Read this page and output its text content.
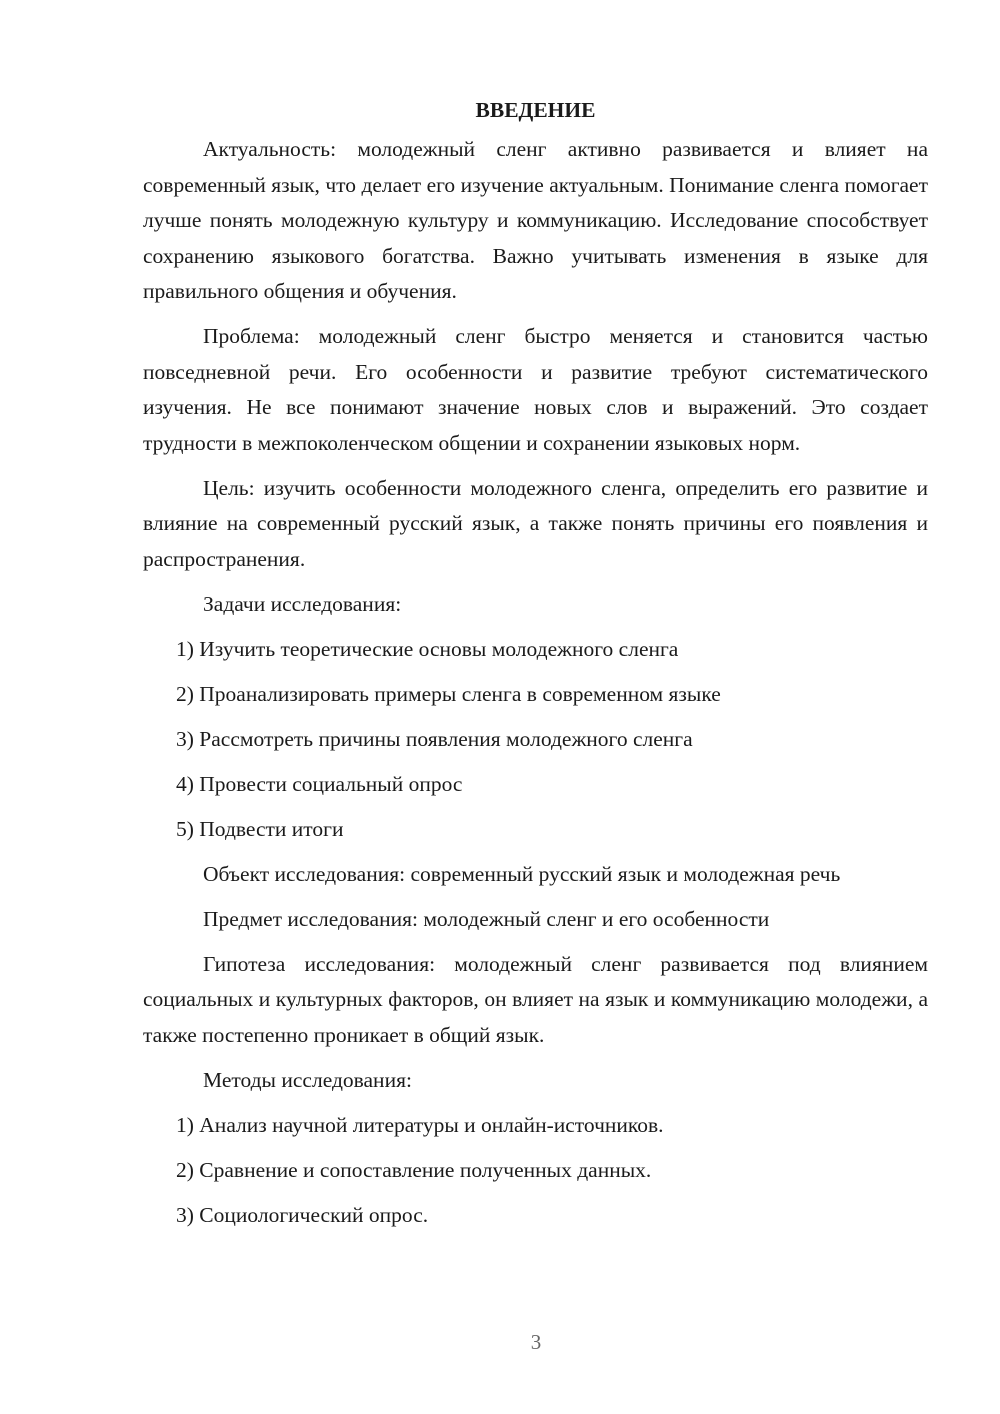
ВВЕДЕНИЕ
Актуальность: молодежный сленг активно развивается и влияет на современный язык, что делает его изучение актуальным. Понимание сленга помогает лучше понять молодежную культуру и коммуникацию. Исследование способствует сохранению языкового богатства. Важно учитывать изменения в языке для правильного общения и обучения.
Проблема: молодежный сленг быстро меняется и становится частью повседневной речи. Его особенности и развитие требуют систематического изучения. Не все понимают значение новых слов и выражений. Это создает трудности в межпоколенческом общении и сохранении языковых норм.
Цель: изучить особенности молодежного сленга, определить его развитие и влияние на современный русский язык, а также понять причины его появления и распространения.
Задачи исследования:
1) Изучить теоретические основы молодежного сленга
2) Проанализировать примеры сленга в современном языке
3) Рассмотреть причины появления молодежного сленга
4) Провести социальный опрос
5) Подвести итоги
Объект исследования: современный русский язык и молодежная речь
Предмет исследования: молодежный сленг и его особенности
Гипотеза исследования: молодежный сленг развивается под влиянием социальных и культурных факторов, он влияет на язык и коммуникацию молодежи, а также постепенно проникает в общий язык.
Методы исследования:
1) Анализ научной литературы и онлайн-источников.
2) Сравнение и сопоставление полученных данных.
3) Социологический опрос.
3
